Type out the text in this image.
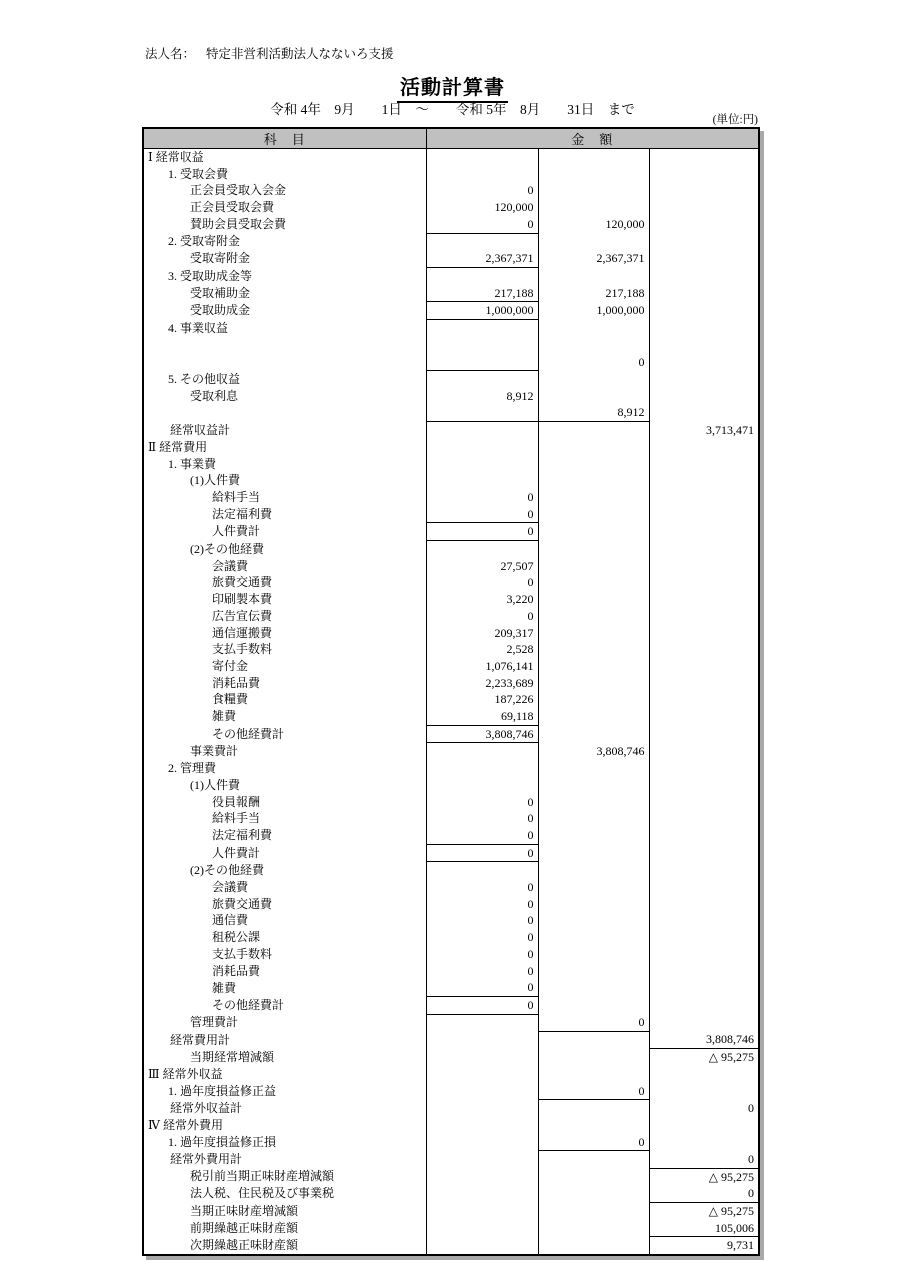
法人名： 特定非営利活動法人なないろ支援
活動計算書
令和 4年　9月　　1日　～　　令和 5年　8月　　31日　まで
(単位:円)
科　目	金　額		
Ⅰ 経常収益			
1. 受取会費			
正会員受取入会金	0		
正会員受取会費	120,000		
賛助会員受取会費	0	120,000	
2. 受取寄附金			
受取寄附金	2,367,371	2,367,371	
3. 受取助成金等			
受取補助金	217,188	217,188	
受取助成金	1,000,000	1,000,000	
4. 事業収益			

		0	
5. その他収益			
受取利息	8,912		
		8,912	
経常収益計			3,713,471
Ⅱ 経常費用			
1. 事業費			
(1)人件費			
給料手当	0		
法定福利費	0		
人件費計	0		
(2)その他経費			
会議費	27,507		
旅費交通費	0		
印刷製本費	3,220		
広告宣伝費	0		
通信運搬費	209,317		
支払手数料	2,528		
寄付金	1,076,141		
消耗品費	2,233,689		
食糧費	187,226		
雑費	69,118		
その他経費計	3,808,746		
事業費計		3,808,746	
2. 管理費			
(1)人件費			
役員報酬	0		
給料手当	0		
法定福利費	0		
人件費計	0		
(2)その他経費			
会議費	0		
旅費交通費	0		
通信費	0		
租税公課	0		
支払手数料	0		
消耗品費	0		
雑費	0		
その他経費計	0		
管理費計		0	
経常費用計			3,808,746
当期経常増減額			△ 95,275
Ⅲ 経常外収益			
1. 過年度損益修正益		0	
経常外収益計			0
Ⅳ 経常外費用			
1. 過年度損益修正損		0	
経常外費用計			0
税引前当期正味財産増減額			△ 95,275
法人税、住民税及び事業税			0
当期正味財産増減額			△ 95,275
前期繰越正味財産額			105,006
次期繰越正味財産額			9,731
